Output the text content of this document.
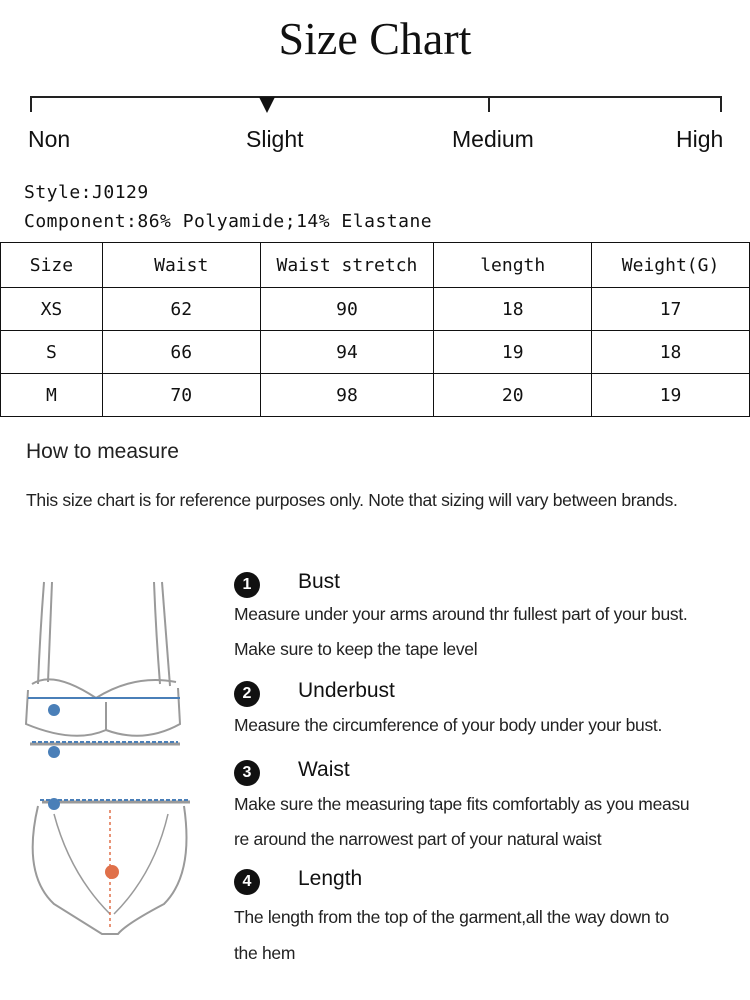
Size Chart
Non	Slight	Medium	High
Style:J0129
Component:86% Polyamide;14% Elastane
Size	Waist	Waist stretch	length	Weight(G)
XS	62	90	18	17
S	66	94	19	18
M	70	98	20	19
How to measure
This size chart is for reference purposes only. Note that sizing will vary between brands.
1	Bust
Measure under your arms around thr fullest part of your bust.
Make sure to keep the tape level
2	Underbust
Measure the circumference of your body under your bust.
3	Waist
Make sure the measuring tape fits comfortably as you measu
re around the narrowest part of your natural waist
4	Length
The length from the top of the garment,all the way down to
the hem
